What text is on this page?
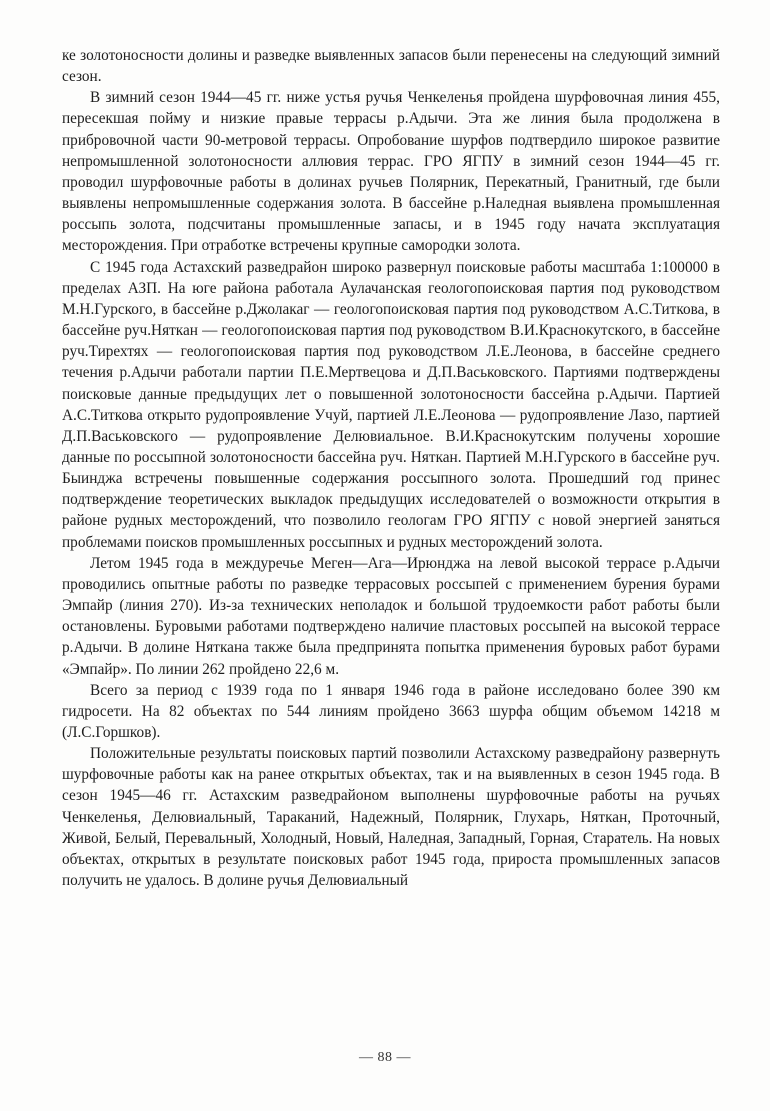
ке золотоносности долины и разведке выявленных запасов были перенесены на следующий зимний сезон.

В зимний сезон 1944—45 гг. ниже устья ручья Ченкеленья пройдена шурфовочная линия 455, пересекшая пойму и низкие правые террасы р.Адычи. Эта же линия была продолжена в прибровочной части 90-метровой террасы. Опробование шурфов подтвердило широкое развитие непромышленной золотоносности аллювия террас. ГРО ЯГПУ в зимний сезон 1944—45 гг. проводил шурфовочные работы в долинах ручьев Полярник, Перекатный, Гранитный, где были выявлены непромышленные содержания золота. В бассейне р.Наледная выявлена промышленная россыпь золота, подсчитаны промышленные запасы, и в 1945 году начата эксплуатация месторождения. При отработке встречены крупные самородки золота.

С 1945 года Астахский разведрайон широко развернул поисковые работы масштаба 1:100000 в пределах АЗП. На юге района работала Аулачанская геологопоисковая партия под руководством М.Н.Гурского, в бассейне р.Джолакаг — геологопоисковая партия под руководством А.С.Титкова, в бассейне руч.Няткан — геологопоисковая партия под руководством В.И.Краснокутского, в бассейне руч.Тирехтях — геологопоисковая партия под руководством Л.Е.Леонова, в бассейне среднего течения р.Адычи работали партии П.Е.Мертвецова и Д.П.Васьковского. Партиями подтверждены поисковые данные предыдущих лет о повышенной золотоносности бассейна р.Адычи. Партией А.С.Титкова открыто рудопроявление Учуй, партией Л.Е.Леонова — рудопроявление Лазо, партией Д.П.Васьковского — рудопроявление Делювиальное. В.И.Краснокутским получены хорошие данные по россыпной золотоносности бассейна руч. Няткан. Партией М.Н.Гурского в бассейне руч. Быинджа встречены повышенные содержания россыпного золота. Прошедший год принес подтверждение теоретических выкладок предыдущих исследователей о возможности открытия в районе рудных месторождений, что позволило геологам ГРО ЯГПУ с новой энергией заняться проблемами поисков промышленных россыпных и рудных месторождений золота.

Летом 1945 года в междуречье Меген—Ага—Ирюнджа на левой высокой террасе р.Адычи проводились опытные работы по разведке террасовых россыпей с применением бурения бурами Эмпайр (линия 270). Из-за технических неполадок и большой трудоемкости работ работы были остановлены. Буровыми работами подтверждено наличие пластовых россыпей на высокой террасе р.Адычи. В долине Няткана также была предпринята попытка применения буровых работ бурами «Эмпайр». По линии 262 пройдено 22,6 м.

Всего за период с 1939 года по 1 января 1946 года в районе исследовано более 390 км гидросети. На 82 объектах по 544 линиям пройдено 3663 шурфа общим объемом 14218 м (Л.С.Горшков).

Положительные результаты поисковых партий позволили Астахскому разведрайону развернуть шурфовочные работы как на ранее открытых объектах, так и на выявленных в сезон 1945 года. В сезон 1945—46 гг. Астахским разведрайоном выполнены шурфовочные работы на ручьях Ченкеленья, Делювиальный, Тараканий, Надежный, Полярник, Глухарь, Няткан, Проточный, Живой, Белый, Перевальный, Холодный, Новый, Наледная, Западный, Горная, Старатель. На новых объектах, открытых в результате поисковых работ 1945 года, прироста промышленных запасов получить не удалось. В долине ручья Делювиальный

— 88 —
